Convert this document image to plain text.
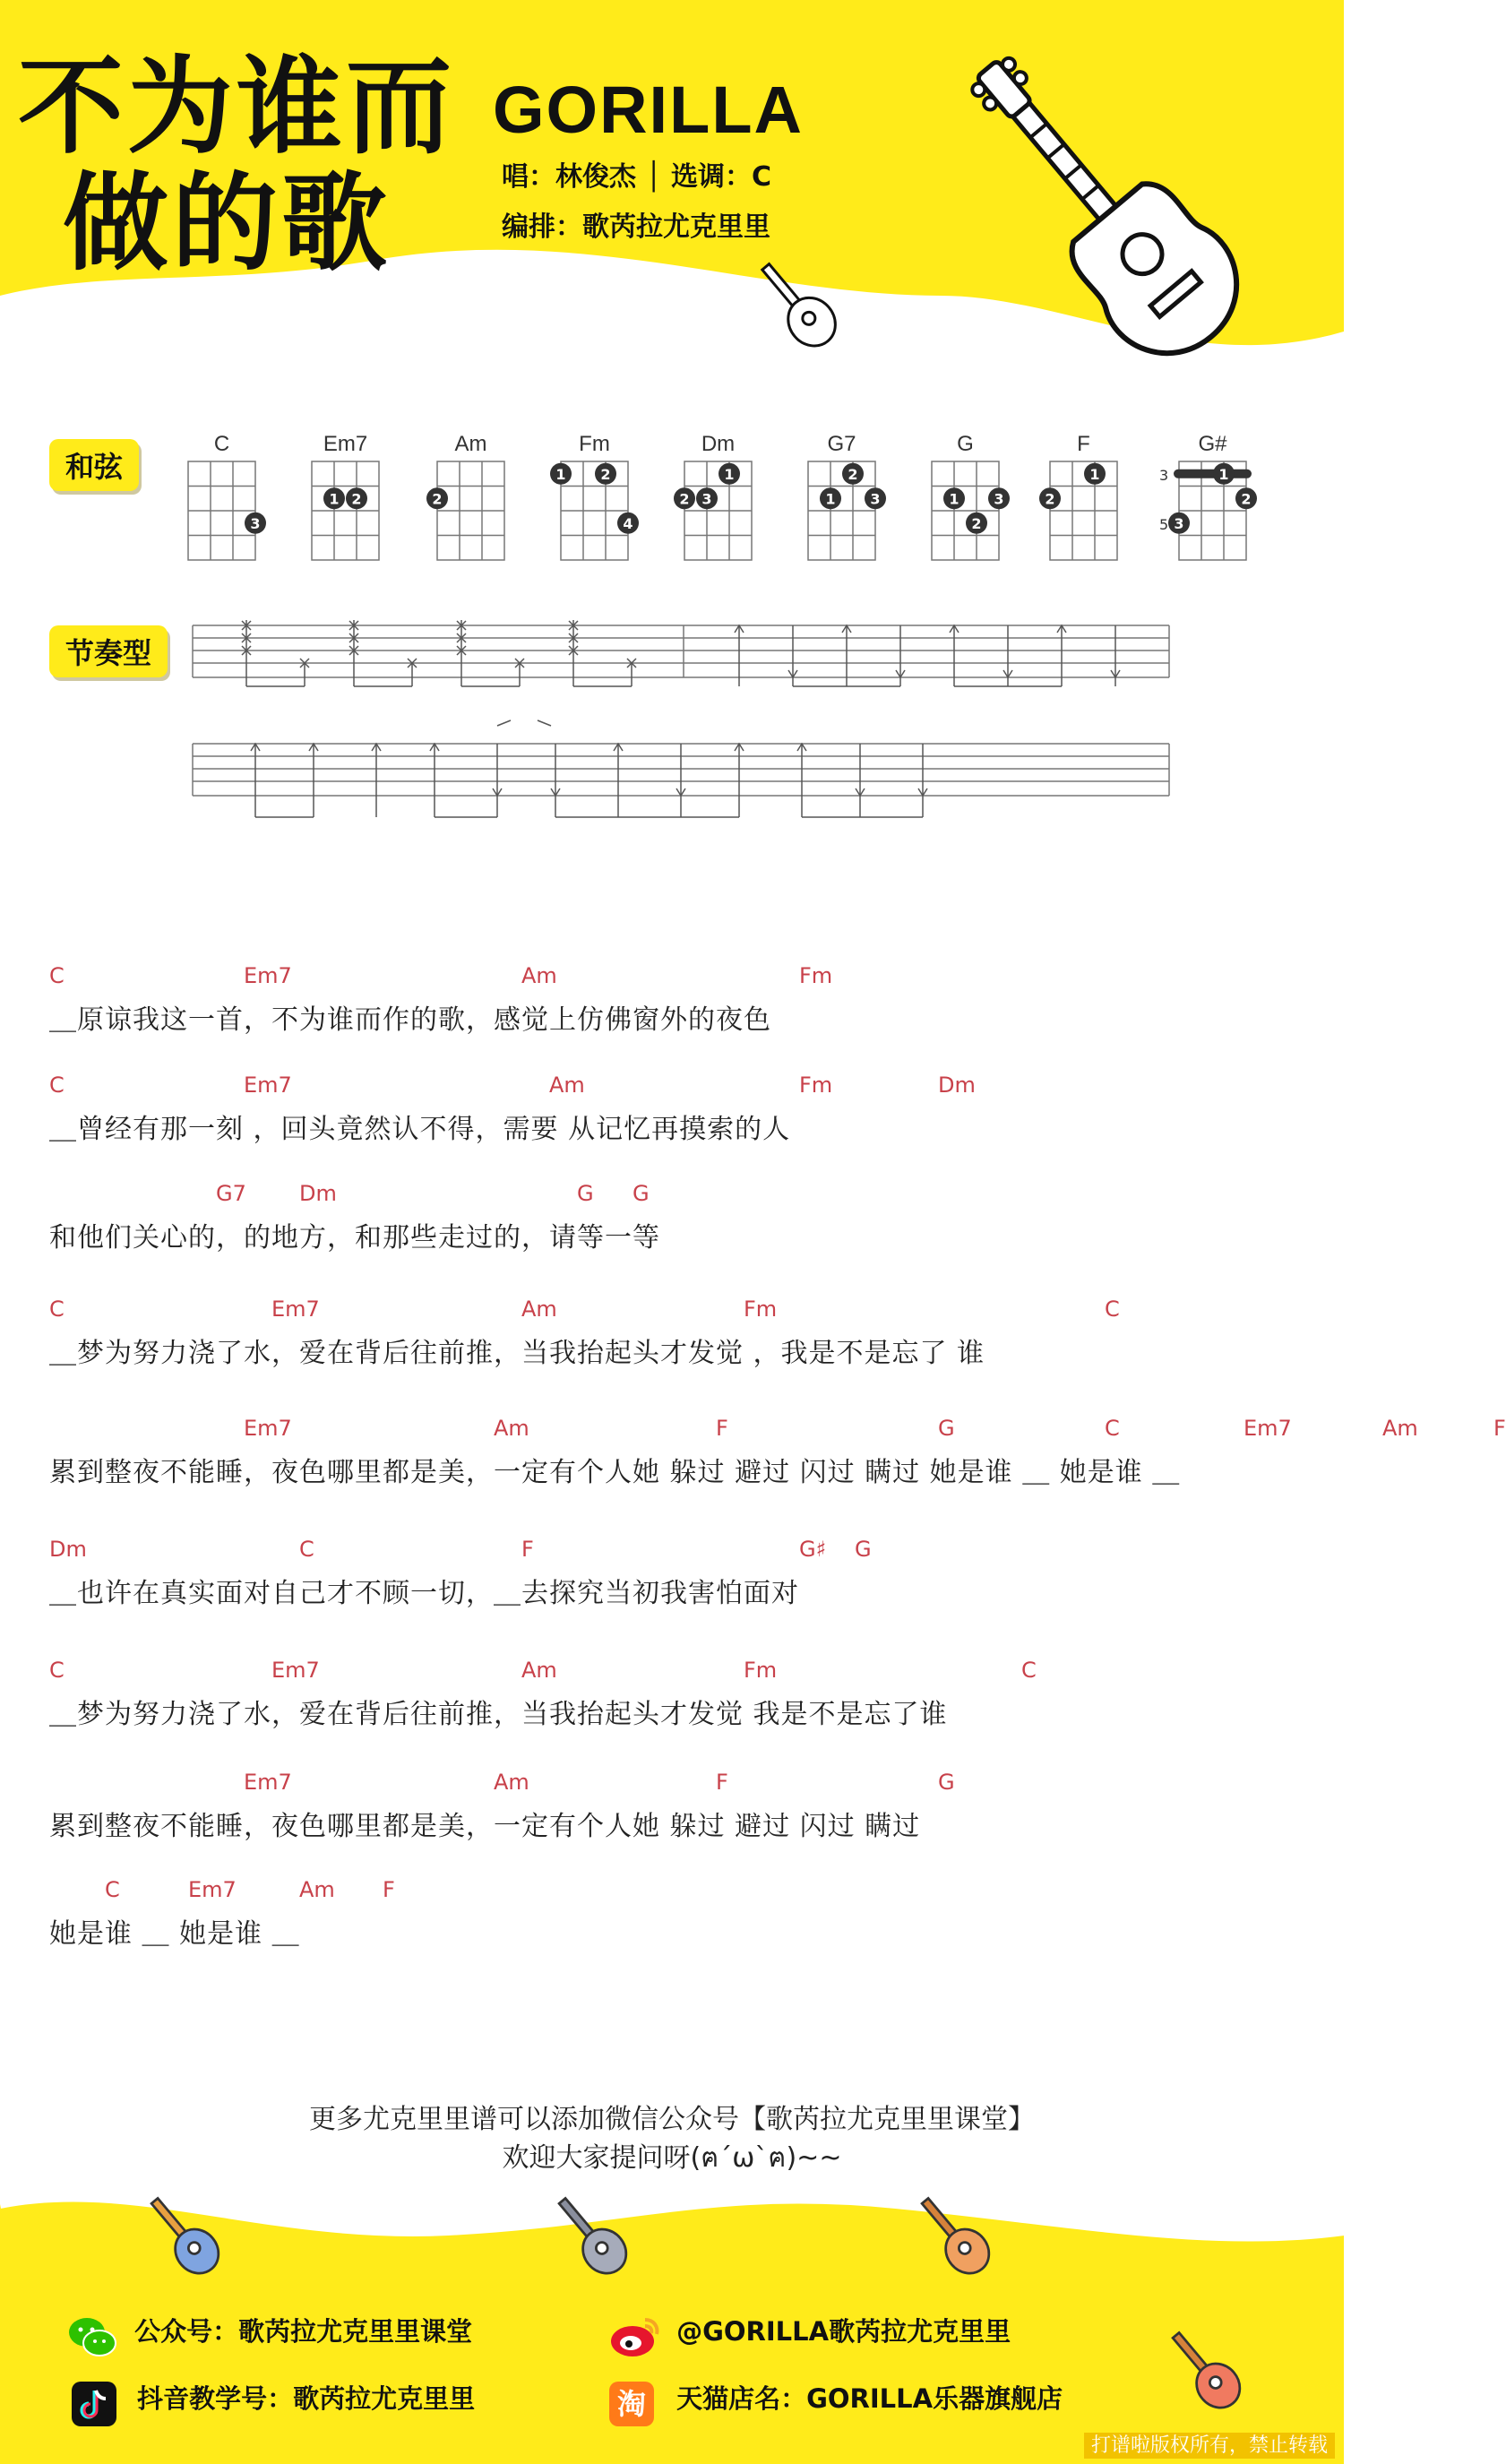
不为谁而
做的歌
GORILLA
唱：林俊杰 │ 选调：C
编排：歌芮拉尤克里里
和弦
C
3
Em7
1 2
Am
2
Fm
1 2
4
Dm
2 3
1
G7
1
2
3
G
1
2
3
F
2
1
G#
3
5
1
2
3
节奏型
＿原谅我这一首，不为谁而作的歌，感觉上仿佛窗外的夜色
C	Em7	Am	Fm
＿曾经有那一刻 ，回头竟然认不得，需要 从记忆再摸索的人
C	Em7	Am	Fm	Dm
和他们关心的，的地方，和那些走过的，请等一等
G7 Dm	G G
＿梦为努力浇了水，爱在背后往前推，当我抬起头才发觉 ，我是不是忘了 谁
C	Em7	Am	Fm	C
累到整夜不能睡，夜色哪里都是美，一定有个人她 躲过 避过 闪过 瞒过 她是谁 ＿ 她是谁 ＿
Em7	Am	F	G	C	Em7	Am	F
＿也许在真实面对自己才不顾一切，＿去探究当初我害怕面对
Dm	C	F	G♯ G
＿梦为努力浇了水，爱在背后往前推，当我抬起头才发觉 我是不是忘了谁
C	Em7	Am	Fm	C
累到整夜不能睡，夜色哪里都是美，一定有个人她 躲过 避过 闪过 瞒过
Em7	Am	F	G
她是谁 ＿ 她是谁 ＿
C	Em7	Am F
更多尤克里里谱可以添加微信公众号【歌芮拉尤克里里课堂】
欢迎大家提问呀(ฅ´ω`ฅ)~~
公众号：歌芮拉尤克里里课堂	@GORILLA歌芮拉尤克里里
抖音教学号：歌芮拉尤克里里	淘 天猫店名：GORILLA乐器旗舰店
打谱啦版权所有，禁止转载
